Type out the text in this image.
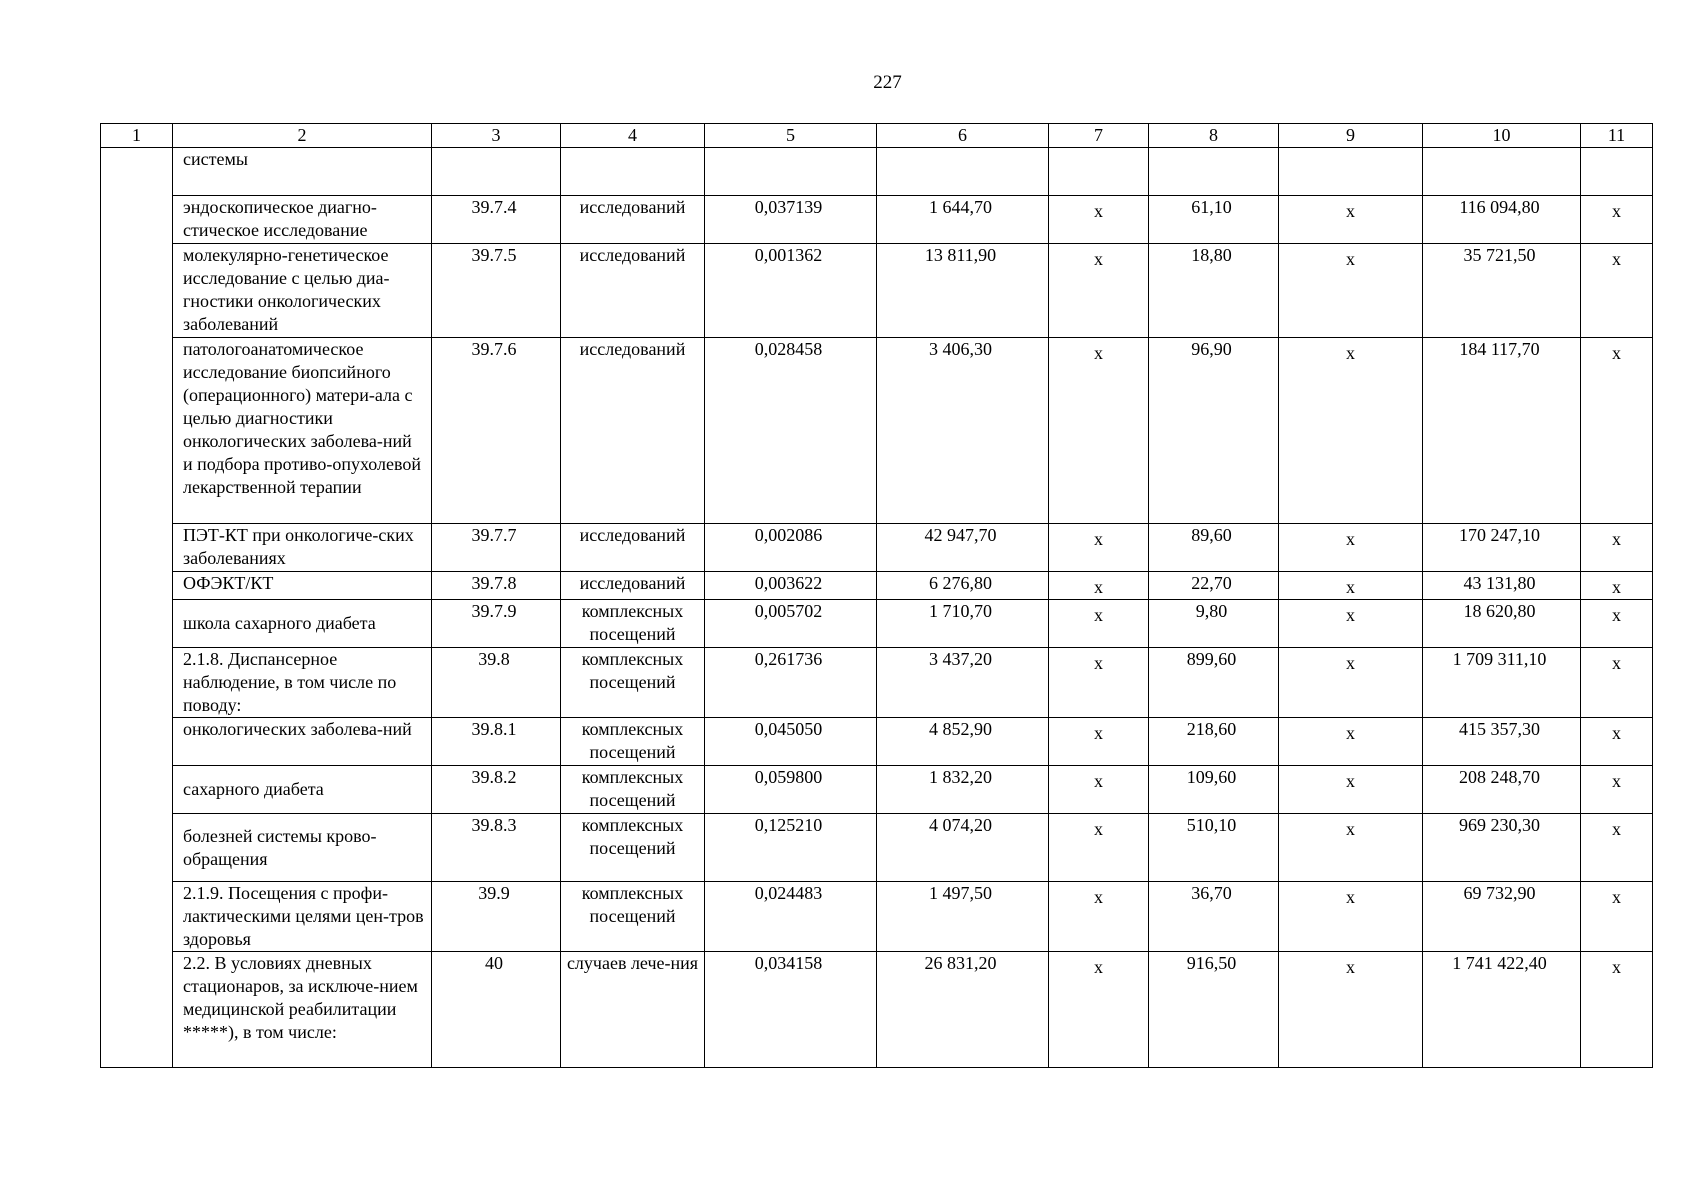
227
1	2	3	4	5	6	7	8	9	10	11

	системы									

	эндоскопическое диагно-стическое исследование	39.7.4	исследований	0,037139	1 644,70	х	61,10	х	116 094,80	х

	молекулярно-генетическое исследование с целью диа-гностики онкологических заболеваний	39.7.5	исследований	0,001362	13 811,90	х	18,80	х	35 721,50	х

	патологоанатомическое исследование биопсийного (операционного) матери-ала с целью диагностики онкологических заболева-ний и подбора противо-опухолевой лекарственной терапии	39.7.6	исследований	0,028458	3 406,30	х	96,90	х	184 117,70	х

	ПЭТ-КТ при онкологиче-ских заболеваниях	39.7.7	исследований	0,002086	42 947,70	х	89,60	х	170 247,10	х

	ОФЭКТ/КТ	39.7.8	исследований	0,003622	6 276,80	х	22,70	х	43 131,80	х

	школа сахарного диабета	39.7.9	комплексных посещений	0,005702	1 710,70	х	9,80	х	18 620,80	х

	2.1.8. Диспансерное наблюдение, в том числе по поводу:	39.8	комплексных посещений	0,261736	3 437,20	х	899,60	х	1 709 311,10	х

	онкологических заболева-ний	39.8.1	комплексных посещений	0,045050	4 852,90	х	218,60	х	415 357,30	х

	сахарного диабета	39.8.2	комплексных посещений	0,059800	1 832,20	х	109,60	х	208 248,70	х

	болезней системы крово-обращения	39.8.3	комплексных посещений	0,125210	4 074,20	х	510,10	х	969 230,30	х

	2.1.9. Посещения с профи-лактическими целями цен-тров здоровья	39.9	комплексных посещений	0,024483	1 497,50	х	36,70	х	69 732,90	х

	2.2. В условиях дневных стационаров, за исключе-нием медицинской реабилитации *****), в том числе:	40	случаев лече-ния	0,034158	26 831,20	х	916,50	х	1 741 422,40	х
